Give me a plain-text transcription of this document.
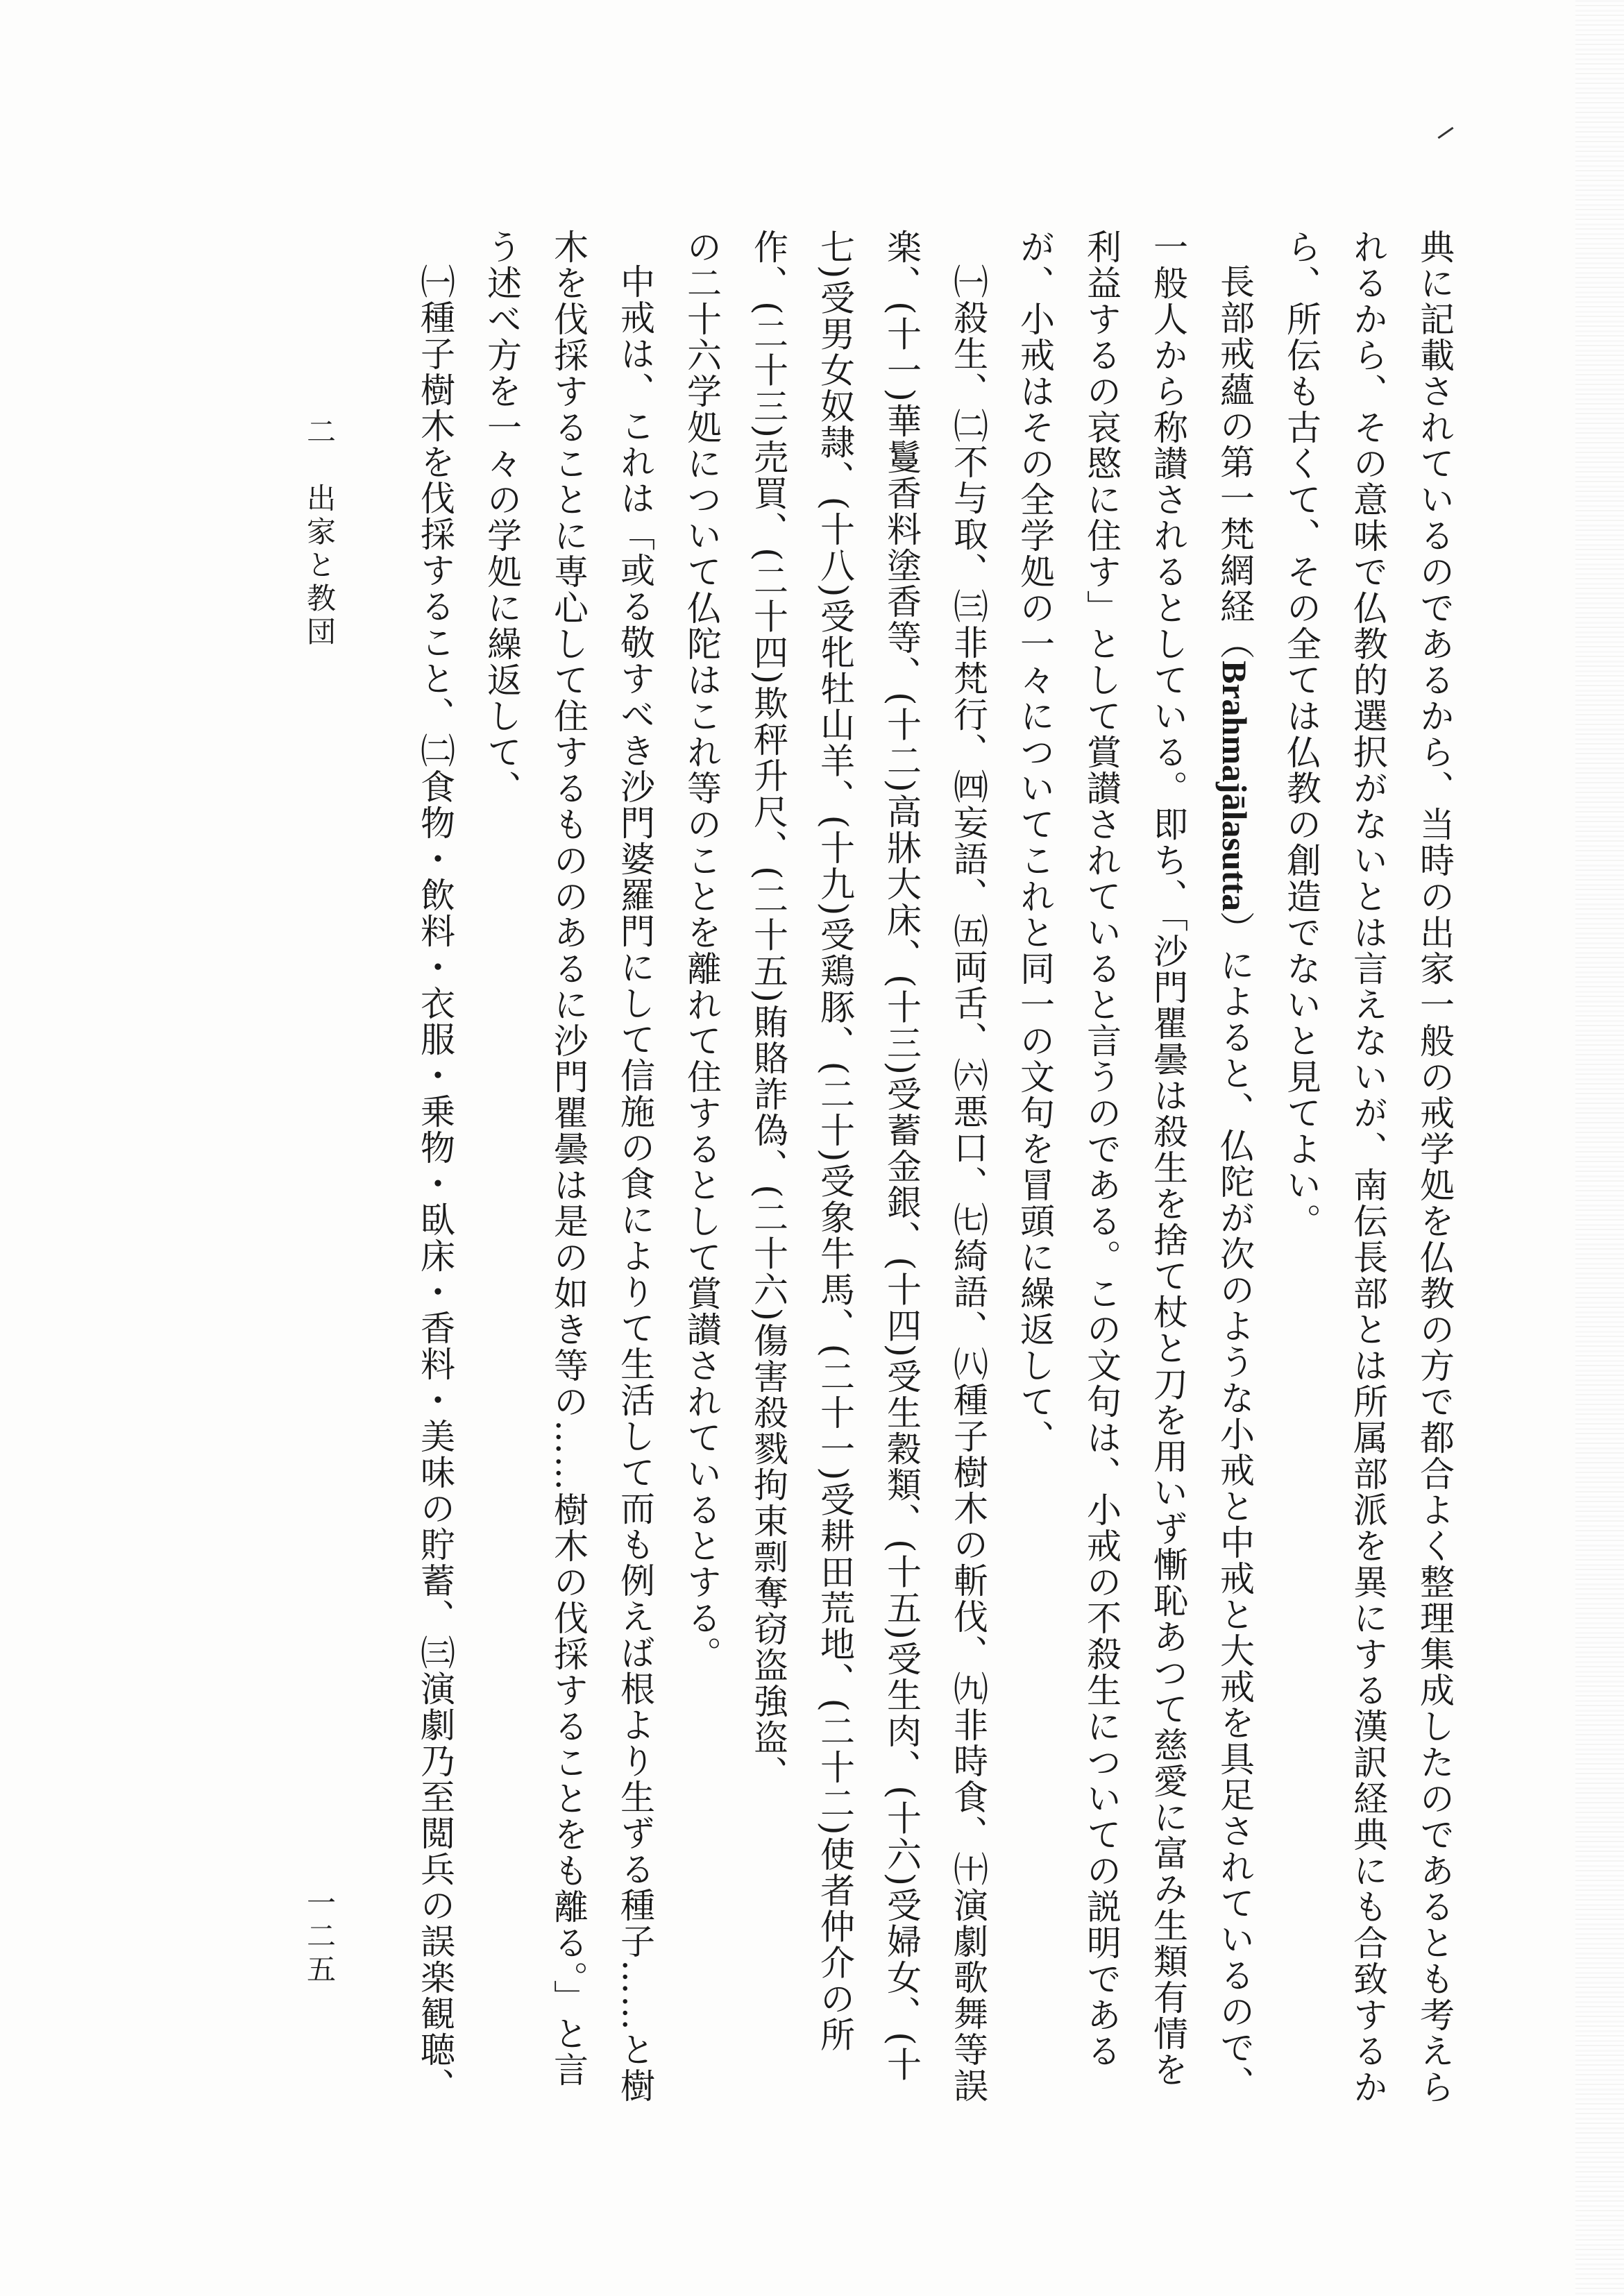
典に記載されているのであるから、当時の出家一般の戒学処を仏教の方で都合よく整理集成したのであるとも考えられるから、その意味で仏教的選択がないとは言えないが、南伝長部とは所属部派を異にする漢訳経典にも合致するから、所伝も古くて、その全ては仏教の創造でないと見てよい。

長部戒蘊の第一梵網経（Brahmajālasutta）によると、仏陀が次のような小戒と中戒と大戒を具足されているので、一般人から称讃されるとしている。即ち、「沙門瞿曇は殺生を捨て杖と刀を用いず慚恥あつて慈愛に富み生類有情を利益するの哀愍に住す」として賞讃されていると言うのである。この文句は、小戒の不殺生についての説明であるが、小戒はその全学処の一々についてこれと同一の文句を冒頭に繰返して、

㈠殺生、㈡不与取、㈢非梵行、㈣妄語、㈤両舌、㈥悪口、㈦綺語、㈧種子樹木の斬伐、㈨非時食、㈩演劇歌舞等誤楽、(十一)華鬘香料塗香等、(十二)高牀大床、(十三)受蓄金銀、(十四)受生穀類、(十五)受生肉、(十六)受婦女、(十七)受男女奴隷、(十八)受牝牡山羊、(十九)受鶏豚、(二十)受象牛馬、(二十一)受耕田荒地、(二十二)使者仲介の所作、(二十三)売買、(二十四)欺秤升尺、(二十五)賄賂詐偽、(二十六)傷害殺戮拘束剽奪窃盗強盗、

の二十六学処について仏陀はこれ等のことを離れて住するとして賞讃されているとする。

中戒は、これは「或る敬すべき沙門婆羅門にして信施の食によりて生活して而も例えば根より生ずる種子……と樹木を伐採することに専心して住するもののあるに沙門瞿曇は是の如き等の……樹木の伐採することをも離る。」と言う述べ方を一々の学処に繰返して、

㈠種子樹木を伐採すること、㈡食物・飲料・衣服・乗物・臥床・香料・美味の貯蓄、㈢演劇乃至閲兵の誤楽観聴、

二　出家と教団
一二五
